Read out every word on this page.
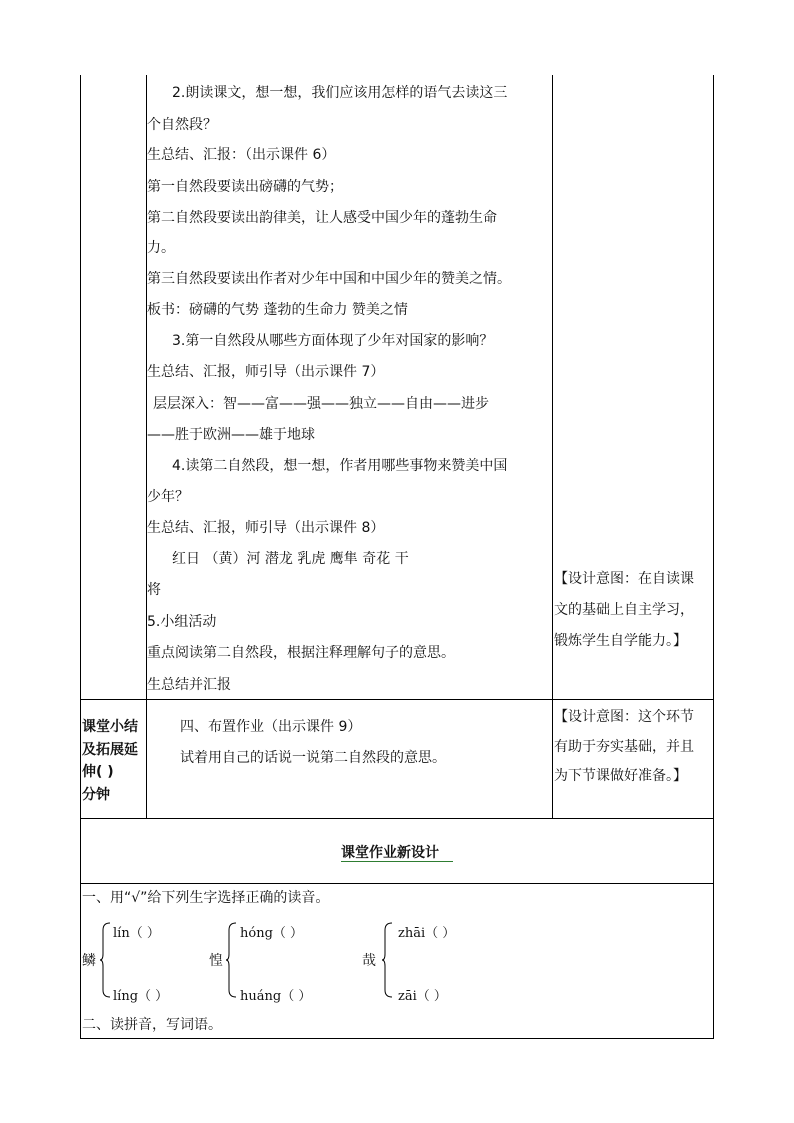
2.朗读课文，想一想，我们应该用怎样的语气去读这三
个自然段？
生总结、汇报：（出示课件 6）
第一自然段要读出磅礴的气势；
第二自然段要读出韵律美，让人感受中国少年的蓬勃生命
力。
第三自然段要读出作者对少年中国和中国少年的赞美之情。
板书：磅礴的气势 蓬勃的生命力 赞美之情
3.第一自然段从哪些方面体现了少年对国家的影响？
生总结、汇报，师引导（出示课件 7）
层层深入：智——富——强——独立——自由——进步
——胜于欧洲——雄于地球
4.读第二自然段，想一想，作者用哪些事物来赞美中国
少年？
生总结、汇报，师引导（出示课件 8）
红日 （黄）河 潜龙 乳虎 鹰隼 奇花 干
将
5.小组活动
重点阅读第二自然段，根据注释理解句子的意思。
生总结并汇报
【设计意图：在自读课
文的基础上自主学习，
锻炼学生自学能力。】
课堂小结
及拓展延
伸( )
分钟
四、布置作业（出示课件 9）
试着用自己的话说一说第二自然段的意思。
【设计意图：这个环节
有助于夯实基础，并且
为下节课做好准备。】
课堂作业新设计
一、用“√”给下列生字选择正确的读音。
鳞
lín（ ）
líng（ ）
惶
hóng（ ）
huáng（ ）
哉
zhāi（ ）
zāi（ ）
二、读拼音，写词语。
